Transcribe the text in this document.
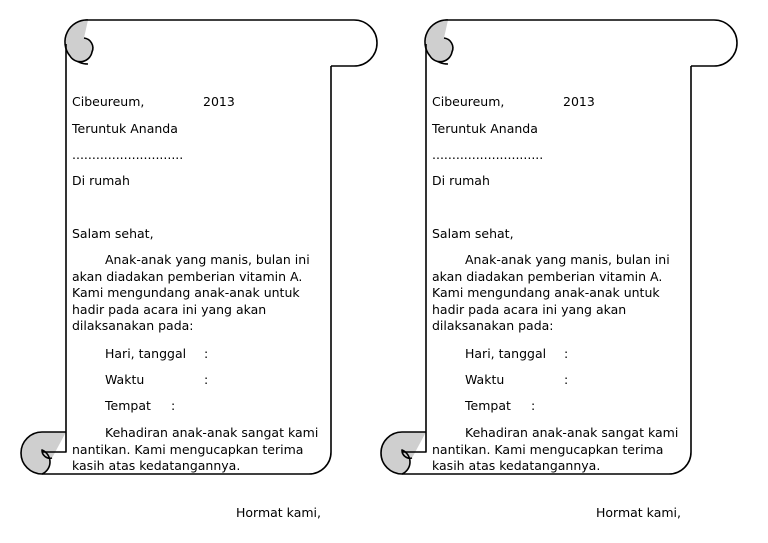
Cibeureum,	2013
Teruntuk Ananda
............................
Di rumah
Salam sehat,
Anak-anak yang manis, bulan ini akan diadakan pemberian vitamin A. Kami mengundang anak-anak untuk hadir pada acara ini yang akan dilaksanakan pada:
Hari, tanggal :
Waktu	:
Tempat :
Kehadiran anak-anak sangat kami nantikan. Kami mengucapkan terima kasih atas kedatangannya.
Hormat kami,
Cibeureum,	2013
Teruntuk Ananda
............................
Di rumah
Salam sehat,
Anak-anak yang manis, bulan ini akan diadakan pemberian vitamin A. Kami mengundang anak-anak untuk hadir pada acara ini yang akan dilaksanakan pada:
Hari, tanggal :
Waktu	:
Tempat :
Kehadiran anak-anak sangat kami nantikan. Kami mengucapkan terima kasih atas kedatangannya.
Hormat kami,
